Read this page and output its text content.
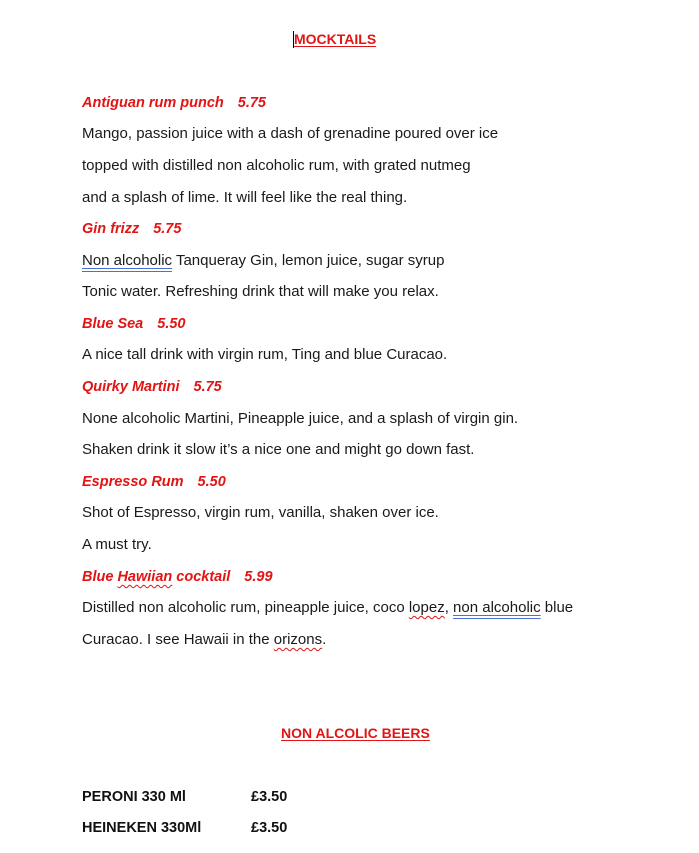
MOCKTAILS
Antiguan rum punch 5.75
Mango, passion juice with a dash of grenadine poured over ice
topped with distilled non alcoholic rum, with grated nutmeg
and a splash of lime. It will feel like the real thing.
Gin frizz 5.75
Non alcoholic Tanqueray Gin, lemon juice, sugar syrup
Tonic water. Refreshing drink that will make you relax.
Blue Sea 5.50
A nice tall drink with virgin rum, Ting and blue Curacao.
Quirky Martini 5.75
None alcoholic Martini, Pineapple juice, and a splash of virgin gin.
Shaken drink it slow it’s a nice one and might go down fast.
Espresso Rum 5.50
Shot of Espresso, virgin rum, vanilla, shaken over ice.
A must try.
Blue Hawiian cocktail 5.99
Distilled non alcoholic rum, pineapple juice, coco lopez, non alcoholic blue
Curacao. I see Hawaii in the orizons.
NON ALCOLIC BEERS
PERONI 330 Ml	£3.50
HEINEKEN 330Ml	£3.50
